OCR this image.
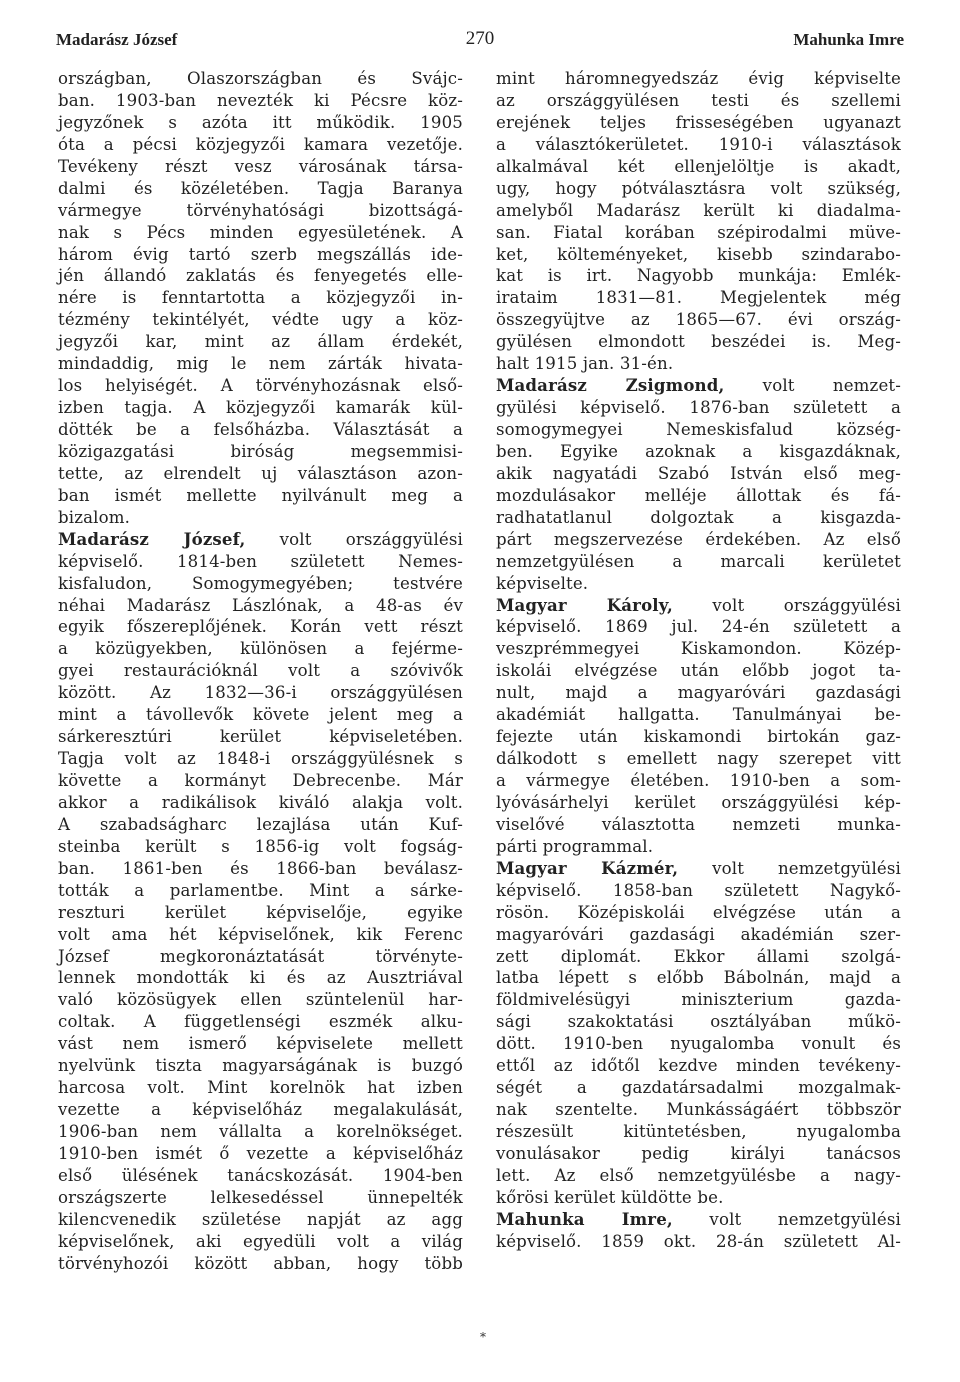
Madarász József	270	Mahunka Imre
országban, Olaszországban és Svájc-
ban. 1903-ban nevezték ki Pécsre köz-
jegyzőnek s azóta itt működik. 1905
óta a pécsi közjegyzői kamara vezetője.
Tevékeny részt vesz városának társa-
dalmi és közéletében. Tagja Baranya
vármegye törvényhatósági bizottságá-
nak s Pécs minden egyesületének. A
három évig tartó szerb megszállás ide-
jén állandó zaklatás és fenyegetés elle-
nére is fenntartotta a közjegyzői in-
tézmény tekintélyét, védte ugy a köz-
jegyzői kar, mint az állam érdekét,
mindaddig, mig le nem zárták hivata-
los helyiségét. A törvényhozásnak első-
izben tagja. A közjegyzői kamarák kül-
dötték be a felsőházba. Választását a
közigazgatási biróság megsemmisi-
tette, az elrendelt uj választáson azon-
ban ismét mellette nyilvánult meg a
bizalom.
Madarász József, volt országgyülési
képviselő. 1814-ben született Nemes-
kisfaludon, Somogymegyében; testvére
néhai Madarász Lászlónak, a 48-as év
egyik főszereplőjének. Korán vett részt
a közügyekben, különösen a fejérme-
gyei restaurációknál volt a szóvivők
között. Az 1832—36-i országgyülésen
mint a távollevők követe jelent meg a
sárkeresztúri kerület képviseletében.
Tagja volt az 1848-i országgyülésnek s
követte a kormányt Debrecenbe. Már
akkor a radikálisok kiváló alakja volt.
A szabadságharc lezajlása után Kuf-
steinba került s 1856-ig volt fogság-
ban. 1861-ben és 1866-ban beválasz-
tották a parlamentbe. Mint a sárke-
reszturi kerület képviselője, egyike
volt ama hét képviselőnek, kik Ferenc
József megkoronáztatását törvényte-
lennek mondották ki és az Ausztriával
való közösügyek ellen szüntelenül har-
coltak. A függetlenségi eszmék alku-
vást nem ismerő képviselete mellett
nyelvünk tiszta magyarságának is buzgó
harcosa volt. Mint korelnök hat izben
vezette a képviselőház megalakulását,
1906-ban nem vállalta a korelnökséget.
1910-ben ismét ő vezette a képviselőház
első ülésének tanácskozását. 1904-ben
országszerte lelkesedéssel ünnepelték
kilencvenedik születése napját az agg
képviselőnek, aki egyedüli volt a világ
törvényhozói között abban, hogy több
mint háromnegyedszáz évig képviselte
az országgyülésen testi és szellemi
erejének teljes frisseségében ugyanazt
a választókerületet. 1910-i választások
alkalmával két ellenjelöltje is akadt,
ugy, hogy pótválasztásra volt szükség,
amelyből Madarász került ki diadalma-
san. Fiatal korában szépirodalmi müve-
ket, költeményeket, kisebb szindarabo-
kat is irt. Nagyobb munkája: Emlék-
irataim 1831—81. Megjelentek még
összegyüjtve az 1865—67. évi ország-
gyülésen elmondott beszédei is. Meg-
halt 1915 jan. 31-én.
Madarász Zsigmond, volt nemzet-
gyülési képviselő. 1876-ban született a
somogymegyei Nemeskisfalud község-
ben. Egyike azoknak a kisgazdáknak,
akik nagyatádi Szabó István első meg-
mozdulásakor melléje állottak és fá-
radhatatlanul dolgoztak a kisgazda-
párt megszervezése érdekében. Az első
nemzetgyülésen a marcali kerületet
képviselte.
Magyar Károly, volt országgyülési
képviselő. 1869 jul. 24-én született a
veszprémmegyei Kiskamondon. Közép-
iskolái elvégzése után előbb jogot ta-
nult, majd a magyaróvári gazdasági
akadémiát hallgatta. Tanulmányai be-
fejezte után kiskamondi birtokán gaz-
dálkodott s emellett nagy szerepet vitt
a vármegye életében. 1910-ben a som-
lyóvásárhelyi kerület országgyülési kép-
viselővé választotta nemzeti munka-
párti programmal.
Magyar Kázmér, volt nemzetgyülési
képviselő. 1858-ban született Nagykő-
rösön. Középiskolái elvégzése után a
magyaróvári gazdasági akadémián szer-
zett diplomát. Ekkor állami szolgá-
latba lépett s előbb Bábolnán, majd a
földmivelésügyi miniszterium gazda-
sági szakoktatási osztályában műkö-
dött. 1910-ben nyugalomba vonult és
ettől az időtől kezdve minden tevékeny-
ségét a gazdatársadalmi mozgalmak-
nak szentelte. Munkásságáért többször
részesült kitüntetésben, nyugalomba
vonulásakor pedig királyi tanácsos
lett. Az első nemzetgyülésbe a nagy-
kőrösi kerület küldötte be.
Mahunka Imre, volt nemzetgyülési
képviselő. 1859 okt. 28-án született Al-
*
